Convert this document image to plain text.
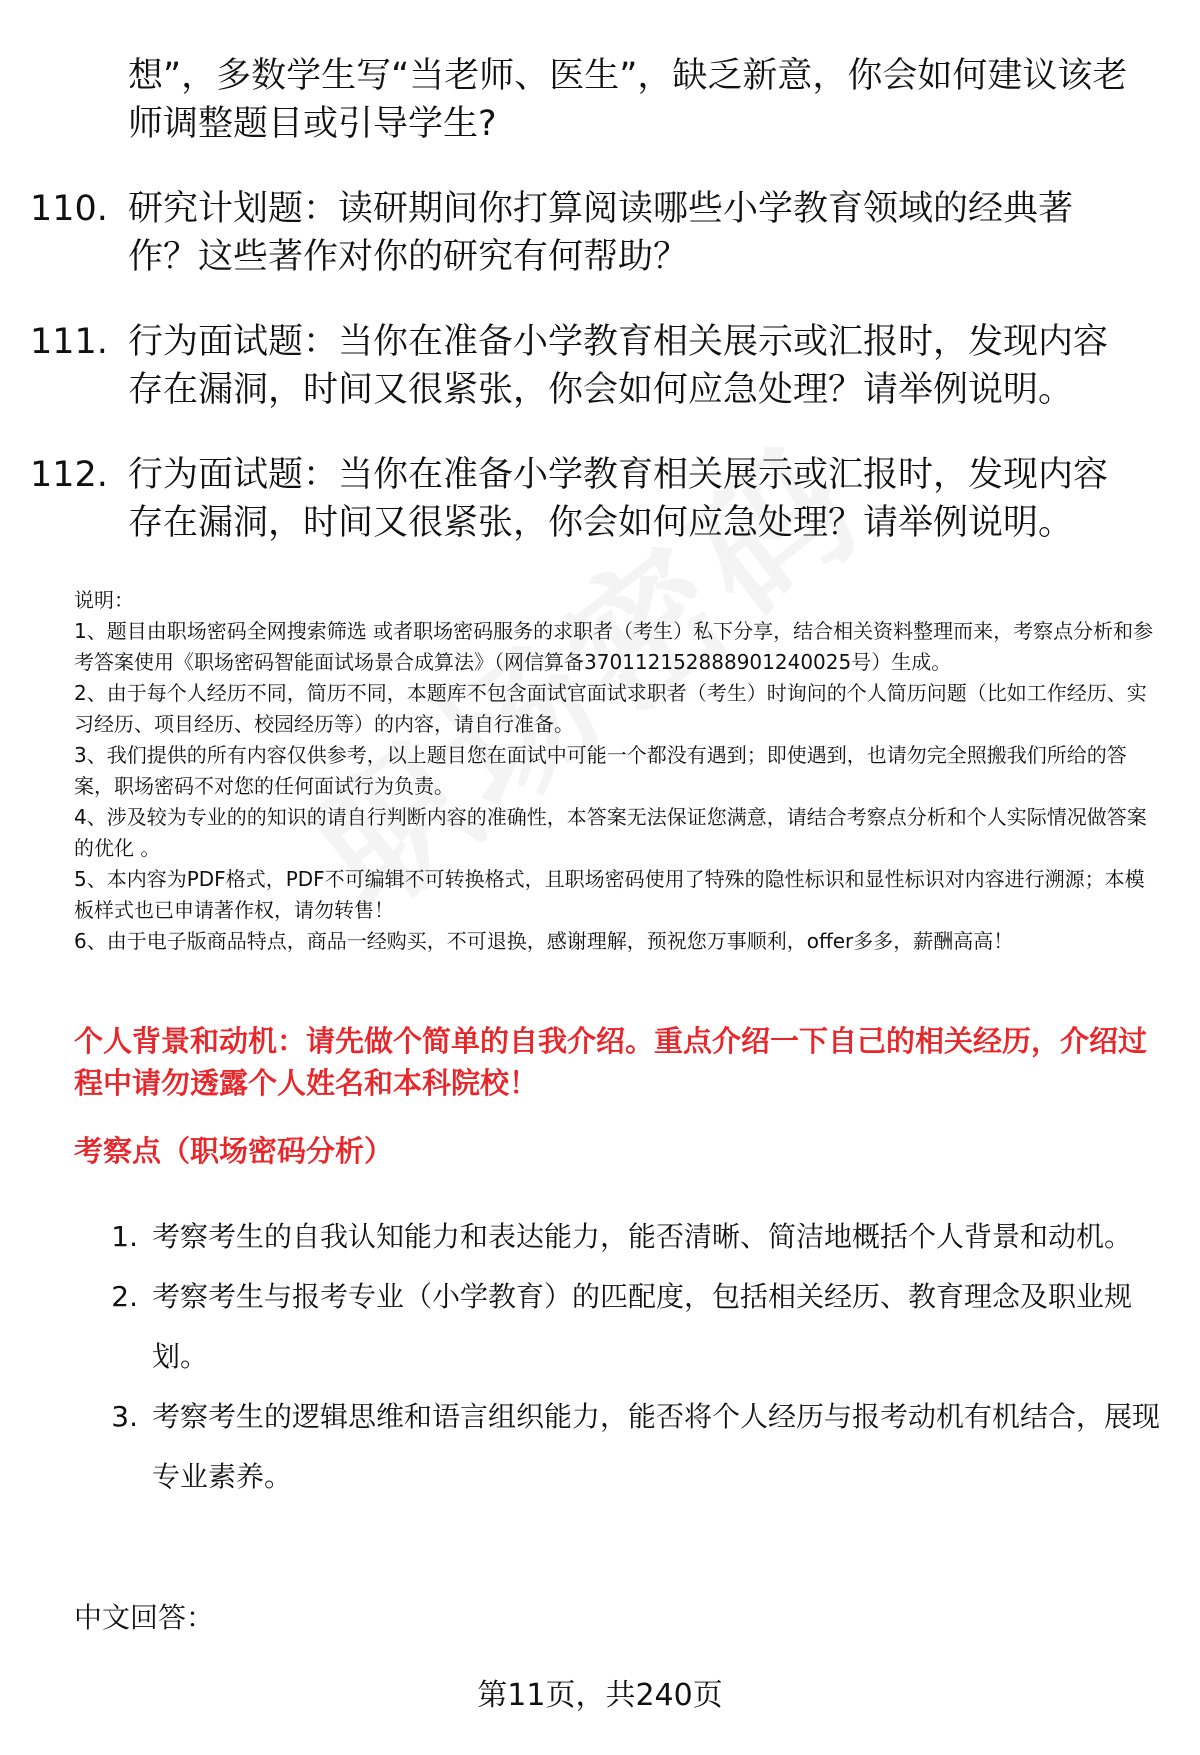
想”，多数学生写“当老师、医生”，缺乏新意，你会如何建议该老师调整题目或引导学生?
110. 研究计划题：读研期间你打算阅读哪些小学教育领域的经典著作？这些著作对你的研究有何帮助？
111. 行为面试题：当你在准备小学教育相关展示或汇报时，发现内容存在漏洞，时间又很紧张，你会如何应急处理？请举例说明。
112. 行为面试题：当你在准备小学教育相关展示或汇报时，发现内容存在漏洞，时间又很紧张，你会如何应急处理？请举例说明。

说明：

1、题目由职场密码全网搜索筛选 或者职场密码服务的求职者（考生）私下分享，结合相关资料整理而来，考察点分析和参考答案使用《职场密码智能面试场景合成算法》（网信算备370112152888901240025号）生成。

2、由于每个人经历不同，简历不同，本题库不包含面试官面试求职者（考生）时询问的个人简历问题（比如工作经历、实习经历、项目经历、校园经历等）的内容，请自行准备。

3、我们提供的所有内容仅供参考，以上题目您在面试中可能一个都没有遇到；即使遇到，也请勿完全照搬我们所给的答案，职场密码不对您的任何面试行为负责。

4、涉及较为专业的的知识的请自行判断内容的准确性，本答案无法保证您满意，请结合考察点分析和个人实际情况做答案的优化 。

5、本内容为PDF格式，PDF不可编辑不可转换格式，且职场密码使用了特殊的隐性标识和显性标识对内容进行溯源；本模板样式也已申请著作权，请勿转售！

6、由于电子版商品特点，商品一经购买，不可退换，感谢理解，预祝您万事顺利，offer多多，薪酬高高！

个人背景和动机：请先做个简单的自我介绍。重点介绍一下自己的相关经历，介绍过程中请勿透露个人姓名和本科院校！
考察点（职场密码分析）
1. 考察考生的自我认知能力和表达能力，能否清晰、简洁地概括个人背景和动机。
2. 考察考生与报考专业（小学教育）的匹配度，包括相关经历、教育理念及职业规划。
3. 考察考生的逻辑思维和语言组织能力，能否将个人经历与报考动机有机结合，展现专业素养。
中文回答：
第11页，共240页
